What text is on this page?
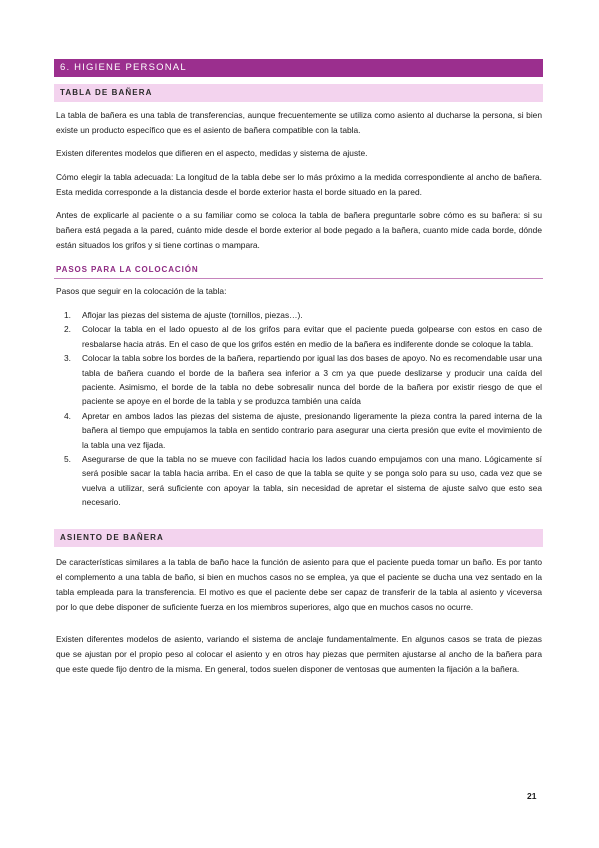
6. HIGIENE PERSONAL
TABLA DE BAÑERA

La tabla de bañera es una tabla de transferencias, aunque frecuentemente se utiliza como asiento al ducharse la persona, si bien existe un producto específico que es el asiento de bañera compatible con la tabla.

Existen diferentes modelos que difieren en el aspecto, medidas y sistema de ajuste.

Cómo elegir la tabla adecuada: La longitud de la tabla debe ser lo más próximo a la medida correspondiente al ancho de bañera. Esta medida corresponde a la distancia desde el borde exterior hasta el borde situado en la pared.

Antes de explicarle al paciente o a su familiar como se coloca la tabla de bañera preguntarle sobre cómo es su bañera: si su bañera está pegada a la pared, cuánto mide desde el borde exterior al bode pegado a la bañera, cuanto mide cada borde, dónde están situados los grifos y si tiene cortinas o mampara.

PASOS PARA LA COLOCACIÓN

Pasos que seguir en la colocación de la tabla:

1. Aflojar las piezas del sistema de ajuste (tornillos, piezas…).
2. Colocar la tabla en el lado opuesto al de los grifos para evitar que el paciente pueda golpearse con estos en caso de resbalarse hacia atrás. En el caso de que los grifos estén en medio de la bañera es indiferente donde se coloque la tabla.
3. Colocar la tabla sobre los bordes de la bañera, repartiendo por igual las dos bases de apoyo. No es recomendable usar una tabla de bañera cuando el borde de la bañera sea inferior a 3 cm ya que puede deslizarse y producir una caída del paciente. Asimismo, el borde de la tabla no debe sobresalir nunca del borde de la bañera por existir riesgo de que el paciente se apoye en el borde de la tabla y se produzca también una caída
4. Apretar en ambos lados las piezas del sistema de ajuste, presionando ligeramente la pieza contra la pared interna de la bañera al tiempo que empujamos la tabla en sentido contrario para asegurar una cierta presión que evite el movimiento de la tabla una vez fijada.
5. Asegurarse de que la tabla no se mueve con facilidad hacia los lados cuando empujamos con una mano. Lógicamente sí será posible sacar la tabla hacia arriba. En el caso de que la tabla se quite y se ponga solo para su uso, cada vez que se vuelva a utilizar, será suficiente con apoyar la tabla, sin necesidad de apretar el sistema de ajuste salvo que esto sea necesario.
ASIENTO DE BAÑERA

De características similares a la tabla de baño hace la función de asiento para que el paciente pueda tomar un baño. Es por tanto el complemento a una tabla de baño, si bien en muchos casos no se emplea, ya que el paciente se ducha una vez sentado en la tabla empleada para la transferencia. El motivo es que el paciente debe ser capaz de transferir de la tabla al asiento y viceversa por lo que debe disponer de suficiente fuerza en los miembros superiores, algo que en muchos casos no ocurre.

Existen diferentes modelos de asiento, variando el sistema de anclaje fundamentalmente. En algunos casos se trata de piezas que se ajustan por el propio peso al colocar el asiento y en otros hay piezas que permiten ajustarse al ancho de la bañera para que este quede fijo dentro de la misma. En general, todos suelen disponer de ventosas que aumenten la fijación a la bañera.

21
